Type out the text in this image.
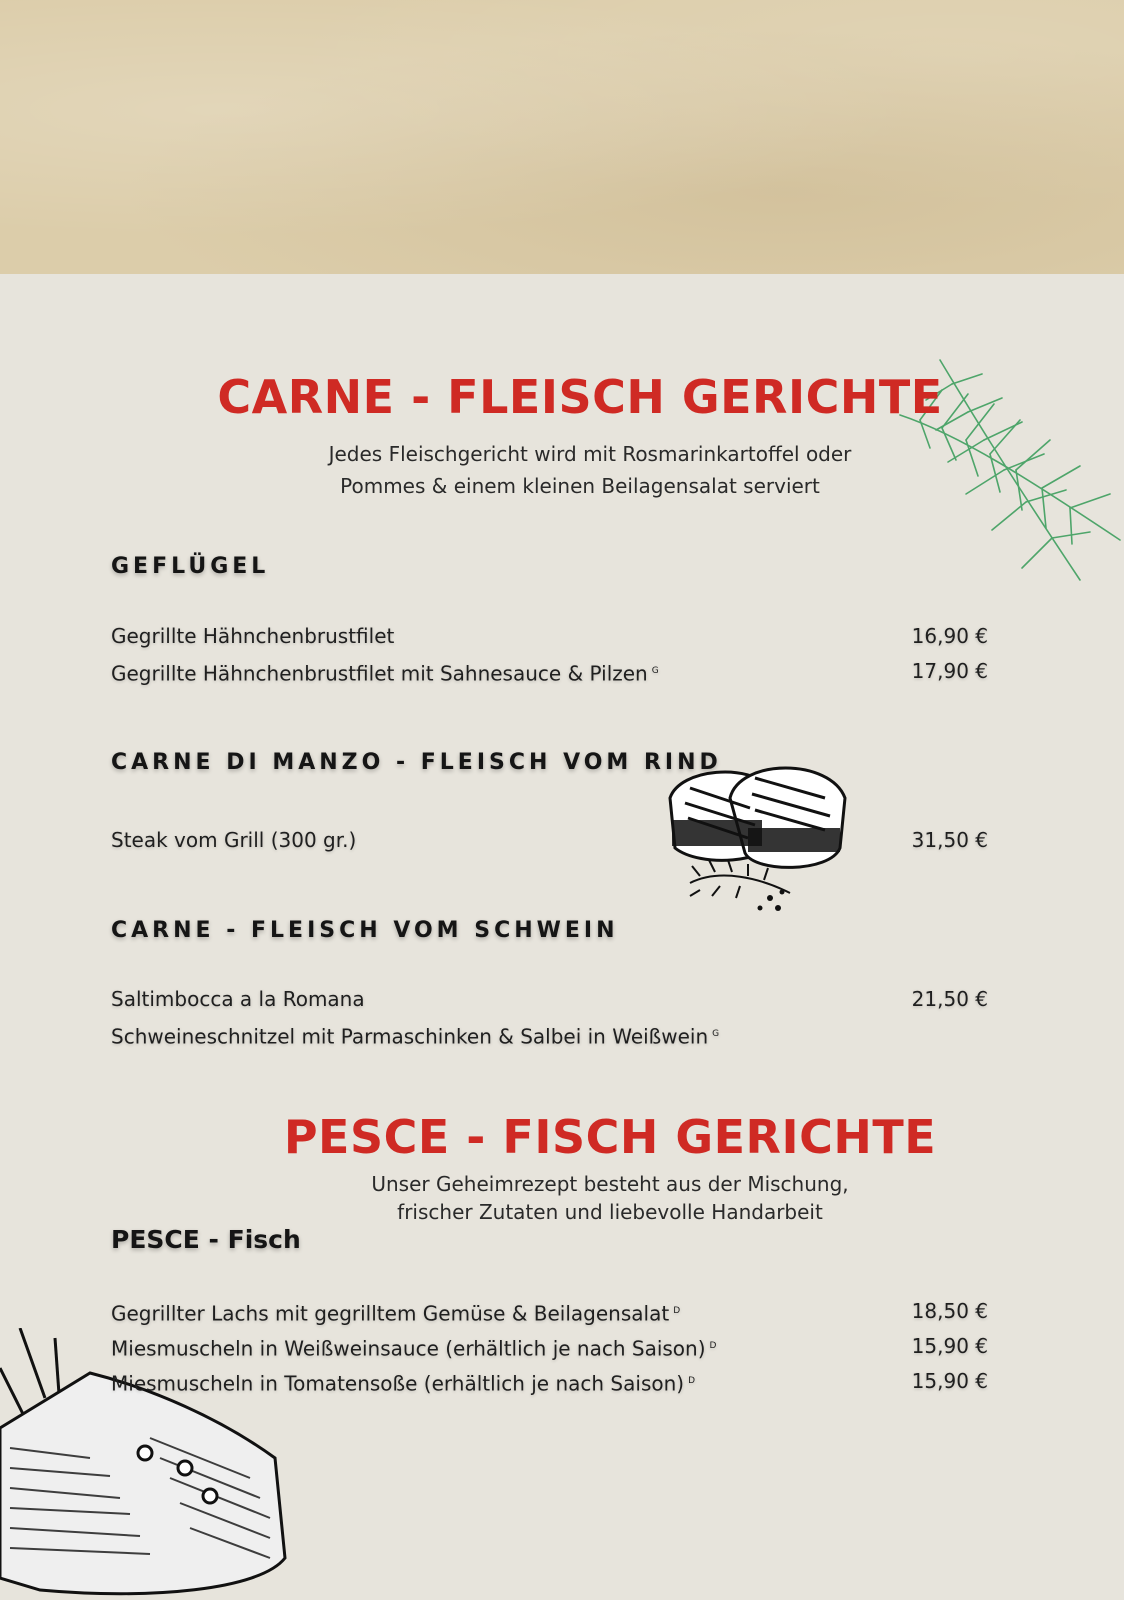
CARNE - FLEISCH GERICHTE

Jedes Fleischgericht wird mit Rosmarinkartoffel oder

Pommes & einem kleinen Beilagensalat serviert

GEFLÜGEL
Gegrillte Hähnchenbrustfilet	16,90 €
Gegrillte Hähnchenbrustfilet mit Sahnesauce & Pilzen $^G$	17,90 €
CARNE DI MANZO - FLEISCH VOM RIND
Steak vom Grill (300 gr.)	31,50 €
CARNE - FLEISCH VOM SCHWEIN
Saltimbocca a la Romana	21,50 €
Schweineschnitzel mit Parmaschinken & Salbei in Weißwein $^G$
PESCE - FISCH GERICHTE

Unser Geheimrezept besteht aus der Mischung,

frischer Zutaten und liebevolle Handarbeit

PESCE - Fisch
Gegrillter Lachs mit gegrilltem Gemüse & Beilagensalat $^D$	18,50 €
Miesmuscheln in Weißweinsauce (erhältlich je nach Saison) $^D$	15,90 €
Miesmuscheln in Tomatensoße (erhältlich je nach Saison) $^D$	15,90 €
